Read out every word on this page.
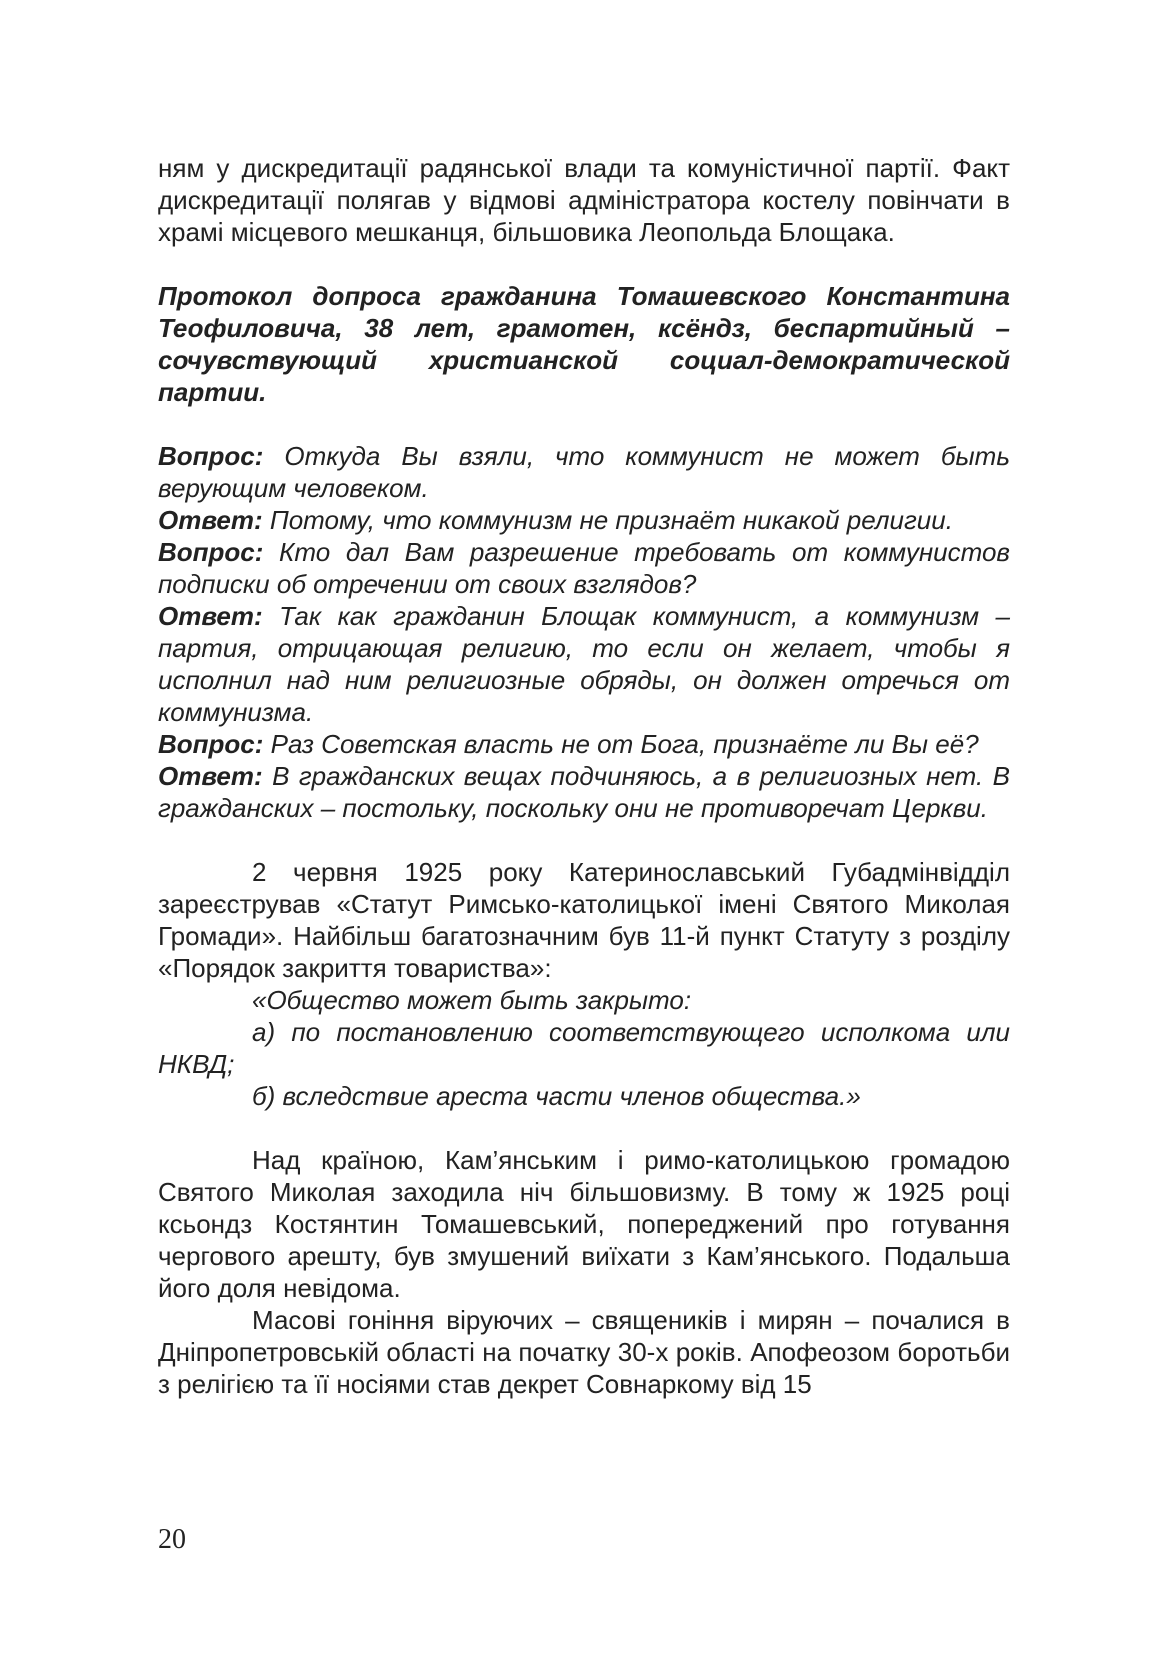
ням у дискредитації радянської влади та комуністичної партії. Факт дискредитації полягав у відмові адміністратора костелу повінчати в храмі місцевого мешканця, більшовика Леопольда Блощака.

Протокол допроса гражданина Томашевского Константина Теофиловича, 38 лет, грамотен, ксёндз, беспартийный – сочувствующий христианской социал-демократической партии.

Вопрос: Откуда Вы взяли, что коммунист не может быть верующим человеком.

Ответ: Потому, что коммунизм не признаёт никакой религии.

Вопрос: Кто дал Вам разрешение требовать от коммунистов подписки об отречении от своих взглядов?

Ответ: Так как гражданин Блощак коммунист, а коммунизм – партия, отрицающая религию, то если он желает, чтобы я исполнил над ним религиозные обряды, он должен отречься от коммунизма.

Вопрос: Раз Советская власть не от Бога, признаёте ли Вы её?

Ответ: В гражданских вещах подчиняюсь, а в религиозных нет. В гражданских – постольку, поскольку они не противоречат Церкви.

2 червня 1925 року Катеринославський Губадмінвідділ зареєстрував «Статут Римсько-католицької імені Святого Миколая Громади». Найбільш багатозначним був 11-й пункт Статуту з розділу «Порядок закриття товариства»:

«Общество может быть закрыто:

а) по постановлению соответствующего исполкома или НКВД;

б) вследствие ареста части членов общества.»

Над країною, Кам’янським і римо-католицькою громадою Святого Миколая заходила ніч більшовизму. В тому ж 1925 році ксьондз Костянтин Томашевський, попереджений про готування чергового арешту, був змушений виїхати з Кам’янського. Подальша його доля невідома.

Масові гоніння віруючих – священиків і мирян – почалися в Дніпропетровській області на початку 30-х років. Апофеозом боротьби з релігією та її носіями став декрет Совнаркому від 15

20
